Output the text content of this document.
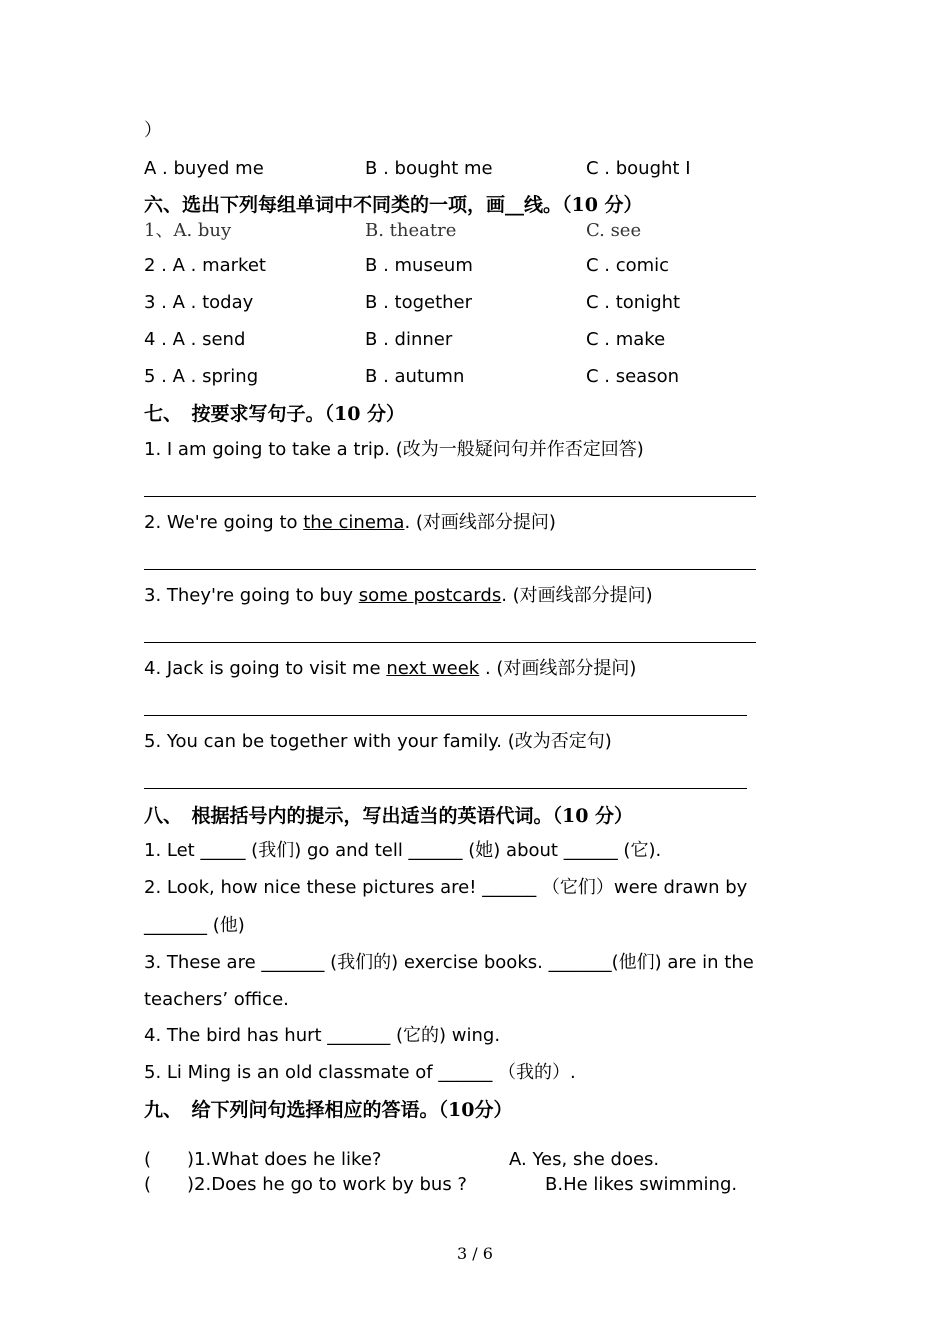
）
A . buyed me	B . bought me	C . bought I
六、选出下列每组单词中不同类的一项，画__线。（10 分）
1、A. buy	B. theatre	C. see
2 . A . market	B . museum	C . comic
3 . A . today	B . together	C . tonight
4 . A . send	B . dinner	C . make
5 . A . spring	B . autumn	C . season
七、　按要求写句子。（10 分）
1. I am going to take a trip. (改为一般疑问句并作否定回答)
2. We're going to the cinema. (对画线部分提问)
3. They're going to buy some postcards. (对画线部分提问)
4. Jack is going to visit me next week . (对画线部分提问)
5. You can be together with your family. (改为否定句)
八、　根据括号内的提示，写出适当的英语代词。（10 分）
1. Let _____ (我们) go and tell ______ (她) about ______ (它).
2. Look, how nice these pictures are! ______ （它们）were drawn by
_______ (他)
3. These are _______ (我们的) exercise books. _______(他们) are in the
teachers’ office.
4. The bird has hurt _______ (它的) wing.
5. Li Ming is an old classmate of ______ （我的）.
九、　给下列问句选择相应的答语。（10分）
(　　)1.What does he like?	A. Yes, she does.
(　　)2.Does he go to work by bus ?	B.He likes swimming.
3 / 6
